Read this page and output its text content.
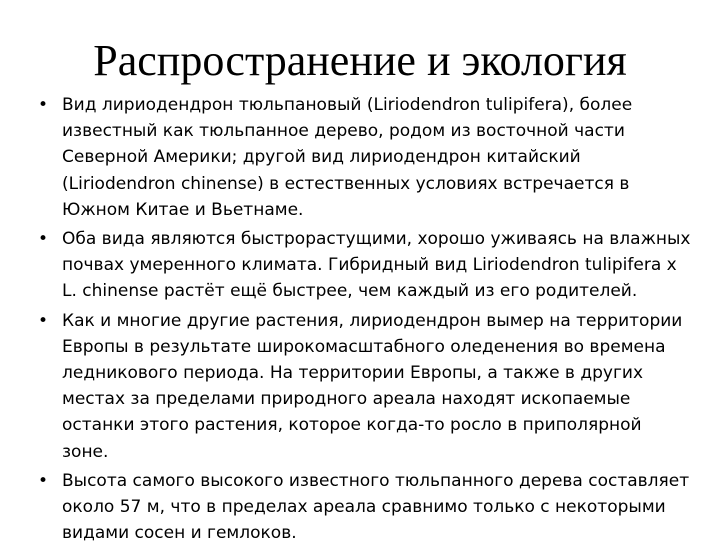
Распространение и экология
• Вид лириодендрон тюльпановый (Liriodendron tulipifera), более известный как тюльпанное дерево, родом из восточной части Северной Америки; другой вид лириодендрон китайский (Liriodendron chinense) в естественных условиях встречается в Южном Китае и Вьетнаме.
• Оба вида являются быстрорастущими, хорошо уживаясь на влажных почвах умеренного климата. Гибридный вид Liriodendron tulipifera x L. chinense растёт ещё быстрее, чем каждый из его родителей.
• Как и многие другие растения, лириодендрон вымер на территории Европы в результате широкомасштабного оледенения во времена ледникового периода. На территории Европы, а также в других местах за пределами природного ареала находят ископаемые останки этого растения, которое когда-то росло в приполярной зоне.
• Высота самого высокого известного тюльпанного дерева составляет около 57 м, что в пределах ареала сравнимо только с некоторыми видами сосен и гемлоков.
